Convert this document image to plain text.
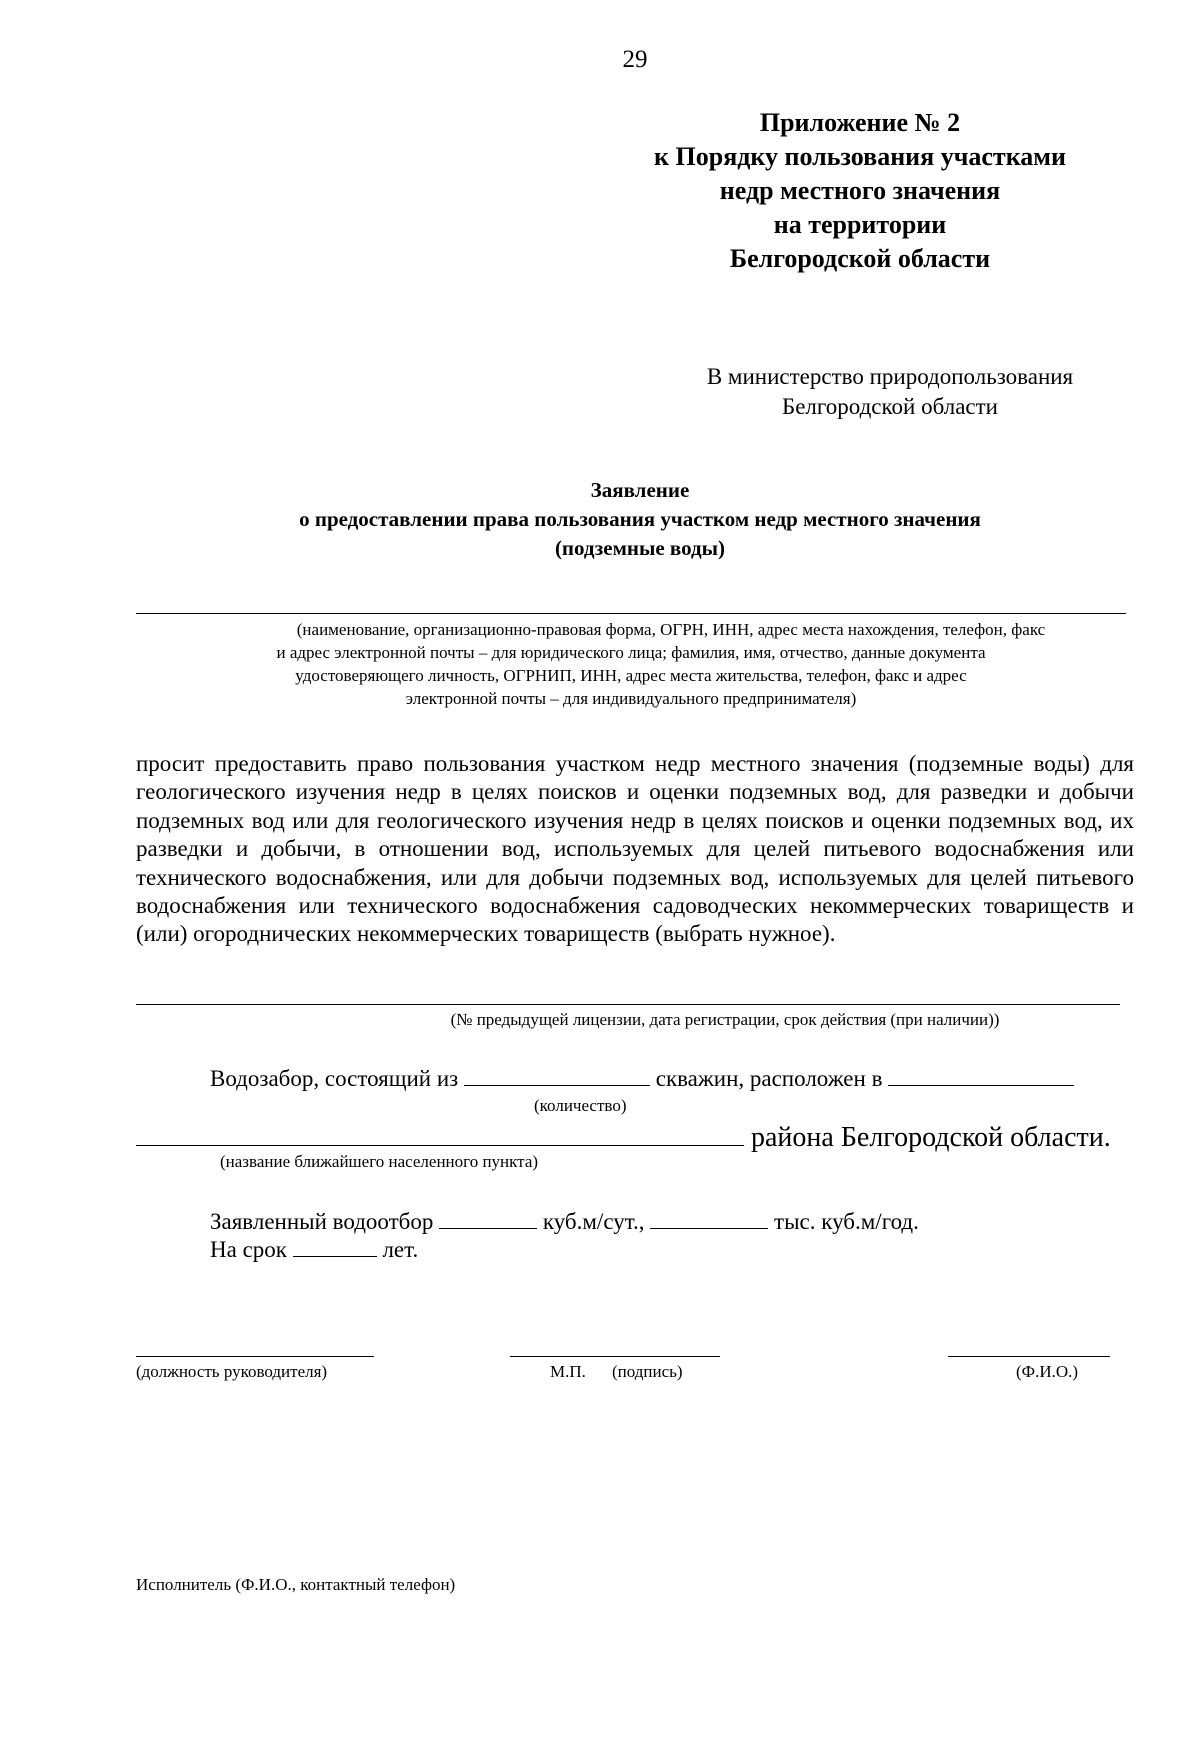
29
Приложение № 2
к Порядку пользования участками
недр местного значения
на территории
Белгородской области
В министерство природопользования
Белгородской области
Заявление
о предоставлении права пользования участком недр местного значения
(подземные воды)
(наименование, организационно-правовая форма, ОГРН, ИНН, адрес места нахождения, телефон, факс
и адрес электронной почты – для юридического лица; фамилия, имя, отчество, данные документа
удостоверяющего личность, ОГРНИП, ИНН, адрес места жительства, телефон, факс и адрес
электронной почты – для индивидуального предпринимателя)
просит предоставить право пользования участком недр местного значения (подземные воды) для геологического изучения недр в целях поисков и оценки подземных вод, для разведки и добычи подземных вод или для геологического изучения недр в целях поисков и оценки подземных вод, их разведки и добычи, в отношении вод, используемых для целей питьевого водоснабжения или технического водоснабжения, или для добычи подземных вод, используемых для целей питьевого водоснабжения или технического водоснабжения садоводческих некоммерческих товариществ и (или) огороднических некоммерческих товариществ (выбрать нужное).
(№ предыдущей лицензии, дата регистрации, срок действия (при наличии))
Водозабор, состоящий из	скважин, расположен в
(количество)
района Белгородской области.
(название ближайшего населенного пункта)
Заявленный водоотбор	куб.м/сут.,	тыс. куб.м/год.
На срок	лет.
(должность руководителя)	М.П. (подпись)	(Ф.И.О.)
Исполнитель (Ф.И.О., контактный телефон)
